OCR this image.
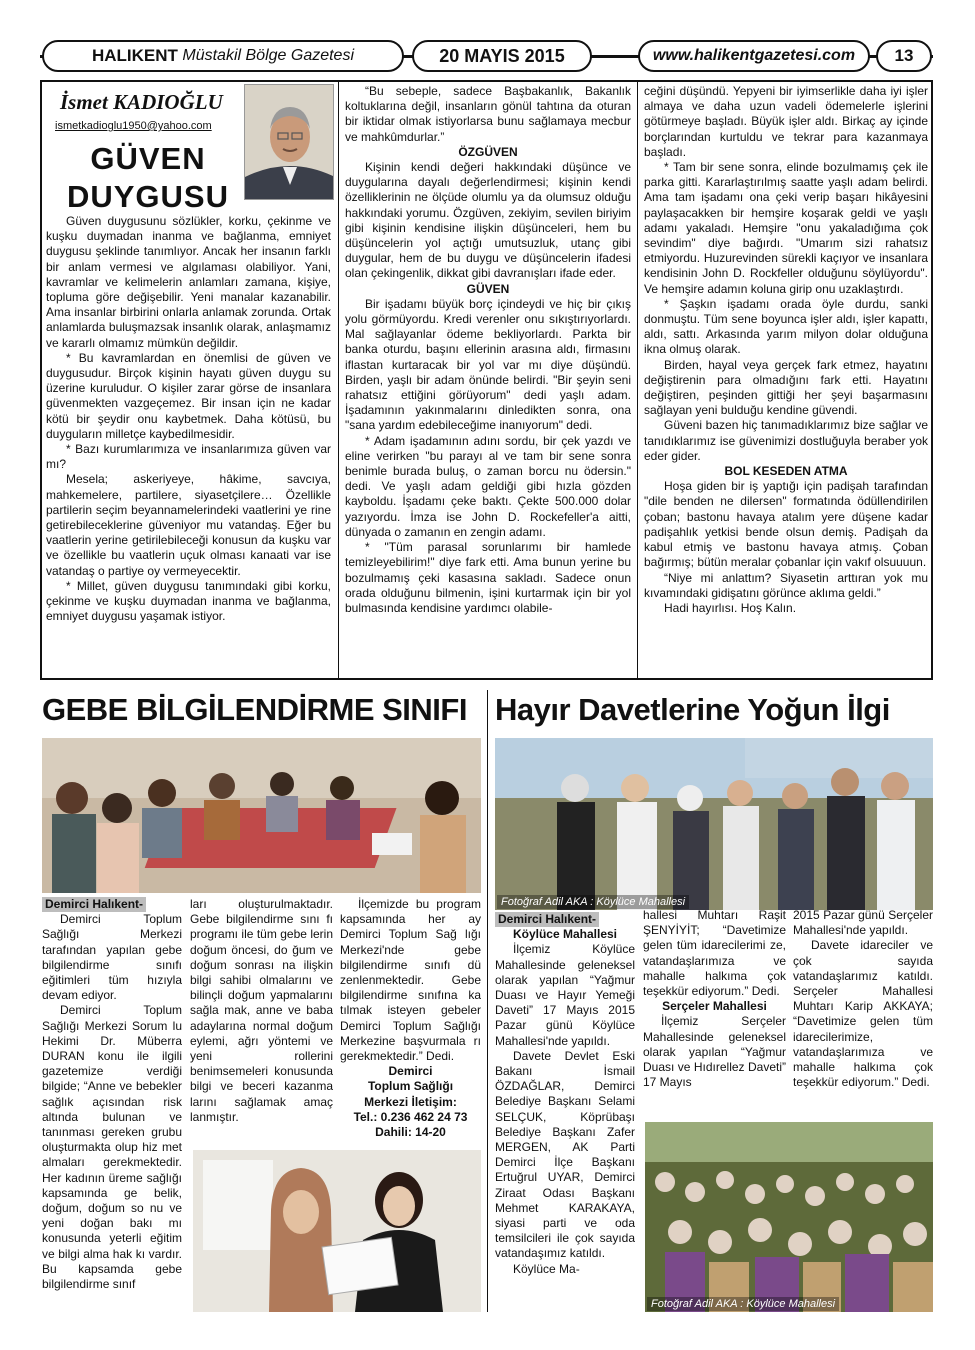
HALIKENT
Müstakil Bölge Gazetesi	20 MAYIS 2015	www.halikentgazetesi.com 13
İsmet KADIOĞLU
ismetkadioglu1950@yahoo.com
GÜVEN
DUYGUSU

Güven duygusunu sözlükler, korku, çekinme ve kuşku duymadan inanma ve bağlanma, emniyet duygusu şeklinde tanımlıyor. Ancak her insanın farklı bir anlam vermesi ve algılaması olabiliyor. Yani, kavramlar ve kelimelerin anlamları zamana, kişiye, topluma göre değişebilir. Yeni manalar kazanabilir. Ama insanlar birbirini onlarla anlamak zorunda. Ortak anlamlarda buluşmazsak insanlık olarak, anlaşmamız ve kararlı olmamız mümkün değildir.

* Bu kavramlardan en önemlisi de güven ve duygusudur. Birçok kişinin hayatı güven duygu su üzerine kuruludur. O kişiler zarar görse de insanlara güvenmekten vazgeçemez. Bir insan için ne kadar kötü bir şeydir onu kaybetmek. Daha kötüsü, bu duyguların milletçe kaybedilmesidir.

* Bazı kurumlarımıza ve insanlarımıza güven var mı?

Mesela; askeriyeye, hâkime, savcıya, mahkemelere, partilere, siyasetçilere… Özellikle partilerin seçim beyannamelerindeki vaatlerini ye rine getirebileceklerine güveniyor mu vatandaş. Eğer bu vaatlerin yerine getirilebileceği konusun da kuşku var ve özellikle bu vaatlerin uçuk olması kanaati var ise vatandaş o partiye oy vermeyecektir.

* Millet, güven duygusu tanımındaki gibi korku, çekinme ve kuşku duymadan inanma ve bağlanma, emniyet duygusu yaşamak istiyor.

“Bu sebeple, sadece Başbakanlık, Bakanlık koltuklarına değil, insanların gönül tahtına da oturan bir iktidar olmak istiyorlarsa bunu sağlamaya mecbur ve mahkûmdurlar.”

ÖZGÜVEN

Kişinin kendi değeri hakkındaki düşünce ve duygularına dayalı değerlendirmesi; kişinin kendi özelliklerinin ne ölçüde olumlu ya da olumsuz olduğu hakkındaki yorumu. Özgüven, zekiyim, sevilen biriyim gibi kişinin kendisine ilişkin düşünceleri, hem bu düşüncelerin yol açtığı umutsuzluk, utanç gibi duygular, hem de bu duygu ve düşüncelerin ifadesi olan çekingenlik, dikkat gibi davranışları ifade eder.

GÜVEN

Bir işadamı büyük borç içindeydi ve hiç bir çıkış yolu görmüyordu. Kredi verenler onu sıkıştırıyorlardı. Mal sağlayanlar ödeme bekliyorlardı. Parkta bir banka oturdu, başını ellerinin arasına aldı, firmasını iflastan kurtaracak bir yol var mı diye düşündü. Birden, yaşlı bir adam önünde belirdi. "Bir şeyin seni rahatsız ettiğini görüyorum" dedi yaşlı adam. İşadamının yakınmalarını dinledikten sonra, ona "sana yardım edebileceğime inanıyorum" dedi.

* Adam işadamının adını sordu, bir çek yazdı ve eline verirken "bu parayı al ve tam bir sene sonra benimle burada buluş, o zaman borcu nu ödersin." dedi. Ve yaşlı adam geldiği gibi hızla gözden kayboldu. İşadamı çeke baktı. Çekte 500.000 dolar yazıyordu. İmza ise John D. Rockefeller'a aitti, dünyada o zamanın en zengin adamı.

* "Tüm parasal sorunlarımı bir hamlede temizleyebilirim!" diye fark etti. Ama bunun yerine bu bozulmamış çeki kasasına sakladı. Sadece onun orada olduğunu bilmenin, işini kurtarmak için bir yol bulmasında kendisine yardımcı olabile-

ceğini düşündü. Yepyeni bir iyimserlikle daha iyi işler almaya ve daha uzun vadeli ödemelerle işlerini götürmeye başladı. Büyük işler aldı. Birkaç ay içinde borçlarından kurtuldu ve tekrar para kazanmaya başladı.

* Tam bir sene sonra, elinde bozulmamış çek ile parka gitti. Kararlaştırılmış saatte yaşlı adam belirdi. Ama tam işadamı ona çeki verip başarı hikâyesini paylaşacakken bir hemşire koşarak geldi ve yaşlı adamı yakaladı. Hemşire "onu yakaladığıma çok sevindim" diye bağırdı. "Umarım sizi rahatsız etmiyordu. Huzurevinden sürekli kaçıyor ve insanlara kendisinin John D. Rockfeller olduğunu söylüyordu". Ve hemşire adamın koluna girip onu uzaklaştırdı.

* Şaşkın işadamı orada öyle durdu, sanki donmuştu. Tüm sene boyunca işler aldı, işler kapattı, aldı, sattı. Arkasında yarım milyon dolar olduğuna ikna olmuş olarak.

Birden, hayal veya gerçek fark etmez, hayatını değiştirenin para olmadığını fark etti. Hayatını değiştiren, peşinden gittiği her şeyi başarmasını sağlayan yeni bulduğu kendine güvendi.

Güveni bazen hiç tanımadıklarımız bize sağlar ve tanıdıklarımız ise güvenimizi dostluğuyla beraber yok eder gider.

BOL KESEDEN ATMA

Hoşa giden bir iş yaptığı için padişah tarafından "dile benden ne dilersen" formatında ödüllendirilen çoban; bastonu havaya atalım yere düşene kadar padişahlık yetkisi bende olsun demiş. Padişah da kabul etmiş ve bastonu havaya atmış. Çoban bağırmış; bütün meralar çobanlar için vakıf olsuuuun.

“Niye mi anlattım? Siyasetin arttıran yok mu kıvamındaki gidişatını görünce aklıma geldi.”

Hadi hayırlısı. Hoş Kalın.

GEBE BİLGİLENDİRME SINIFI

Demirci Halıkent-

Demirci Toplum Sağlığı Merkezi tarafından yapılan gebe bilgilendirme sınıfı eğitimleri tüm hızıyla devam ediyor.

Demirci Toplum Sağlığı Merkezi Sorum lu Hekimi Dr. Müberra DURAN konu ile ilgili gazetemize verdiği bilgide; “Anne ve bebekler sağlık açısından risk altında bulunan ve tanınması gereken grubu oluşturmakta olup hiz met almaları gerekmektedir. Her kadının üreme sağlığı kapsamında ge belik, doğum, doğum so nu ve yeni doğan bakı mı konusunda yeterli eğitim ve bilgi alma hak kı vardır. Bu kapsamda gebe bilgilendirme sınıf

ları oluşturulmaktadır. Gebe bilgilendirme sını fı programı ile tüm gebe lerin doğum öncesi, do ğum ve doğum sonrası na ilişkin bilgi sahibi olmalarını ve bilinçli doğum yapmalarını sağla mak, anne ve baba adaylarına normal doğum eylemi, ağrı yöntemi ve yeni rollerini benimsemeleri konusunda bilgi ve beceri kazanma larını sağlamak amaç lanmıştır.

İlçemizde bu program kapsamında her ay Demirci Toplum Sağ lığı Merkezi'nde gebe bilgilendirme sınıfı dü zenlenmektedir. Gebe bilgilendirme sınıfına ka tılmak isteyen gebeler Demirci Toplum Sağlığı Merkezine başvurmala rı gerekmektedir.” Dedi.

Demirci

Toplum Sağlığı

Merkezi İletişim:

Tel.: 0.236 462 24 73

Dahili: 14-20

Hayır Davetlerine Yoğun İlgi
Fotoğraf Adil AKA : Köylüce Mahallesi

Demirci Halıkent-

Köylüce Mahallesi

İlçemiz Köylüce Mahallesinde geleneksel olarak yapılan “Yağmur Duası ve Hayır Yemeği Daveti” 17 Mayıs 2015 Pazar günü Köylüce Mahallesi'nde yapıldı.

Davete Devlet Eski Bakanı İsmail ÖZDAĞLAR, Demirci Belediye Başkanı Selami SELÇUK, Köprübaşı Belediye Başkanı Zafer MERGEN, AK Parti Demirci İlçe Başkanı Ertuğrul UYAR, Demirci Ziraat Odası Başkanı Mehmet KARAKAYA, siyasi parti ve oda temsilcileri ile çok sayıda vatandaşımız katıldı.

Köylüce Ma-

hallesi Muhtarı Raşit ŞENYİYİT; “Davetimize gelen tüm idarecilerimi ze, vatandaşlarımıza ve mahalle halkıma çok teşekkür ediyorum.” Dedi.

Serçeler Mahallesi

İlçemiz Serçeler Mahallesinde geleneksel olarak yapılan “Yağmur Duası ve Hıdırellez Daveti” 17 Mayıs

2015 Pazar günü Serçeler Mahallesi'nde yapıldı.

Davete idareciler ve çok sayıda vatandaşlarımız katıldı. Serçeler Mahallesi Muhtarı Karip AKKAYA; “Davetimize gelen tüm idarecilerimize, vatandaşlarımıza ve mahalle halkıma çok teşekkür ediyorum.” Dedi.

Fotoğraf Adil AKA : Köylüce Mahallesi
